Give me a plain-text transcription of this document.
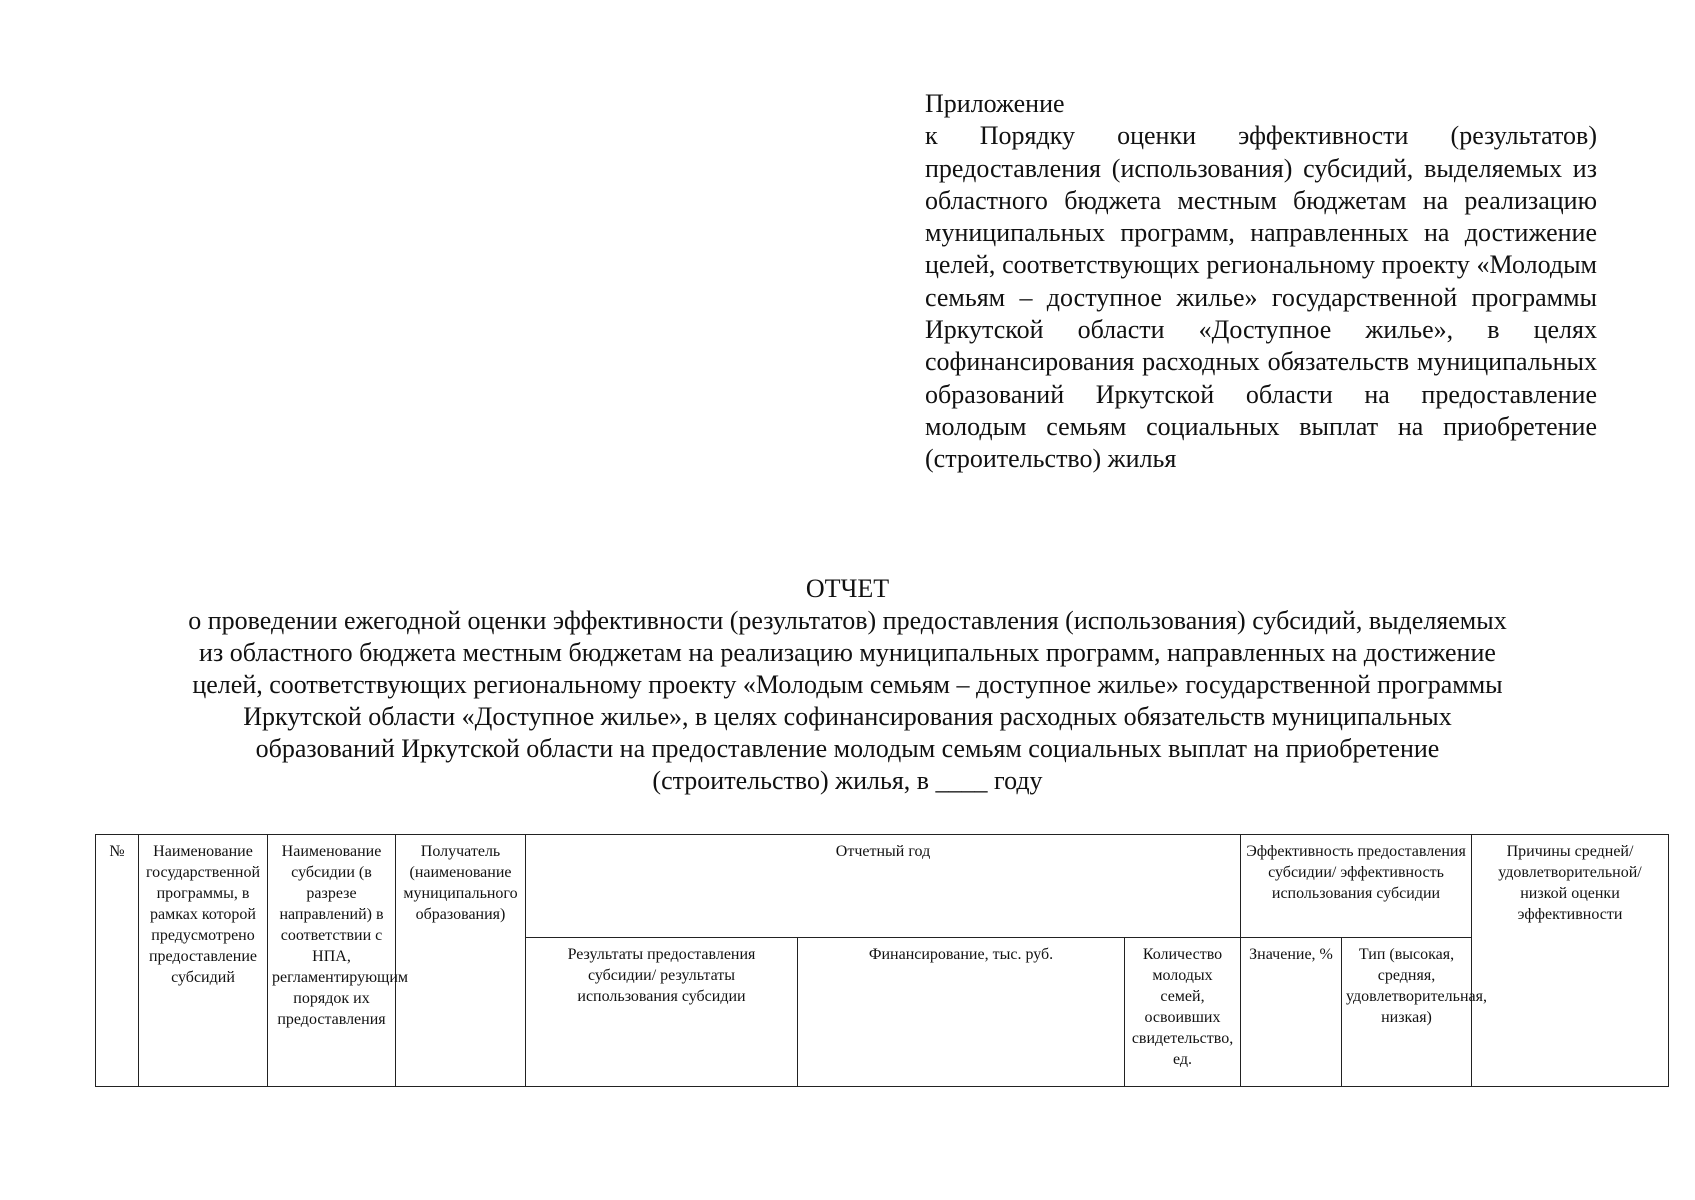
Приложение
к Порядку оценки эффективности (результатов) предоставления (использования) субсидий, выделяемых из областного бюджета местным бюджетам на реализацию муниципальных программ, направленных на достижение целей, соответствующих региональному проекту «Молодым семьям – доступное жилье» государственной программы Иркутской области «Доступное жилье», в целях софинансирования расходных обязательств муниципальных образований Иркутской области на предоставление молодым семьям социальных выплат на приобретение (строительство) жилья
ОТЧЕТ
о проведении ежегодной оценки эффективности (результатов) предоставления (использования) субсидий, выделяемых
из областного бюджета местным бюджетам на реализацию муниципальных программ, направленных на достижение
целей, соответствующих региональному проекту «Молодым семьям – доступное жилье» государственной программы
Иркутской области «Доступное жилье», в целях софинансирования расходных обязательств муниципальных
образований Иркутской области на предоставление молодым семьям социальных выплат на приобретение
(строительство) жилья, в ____ году
№	Наименование государственной программы, в рамках которой предусмотрено предоставление субсидий	Наименование субсидии (в разрезе направлений) в соответствии с НПА, регламентирующим порядок их предоставления	Получатель (наименование муниципального образования)	Отчетный год			Эффективность предоставления субсидии/ эффективность использования субсидии		Причины средней/удовлетворительной/ низкой оценки эффективности
				Результаты предоставления субсидии/ результаты использования субсидии	Финансирование, тыс. руб.	Количество молодых семей, освоивших свидетельство, ед.	Значение, %	Тип (высокая, средняя, удовлетворительная, низкая)	
